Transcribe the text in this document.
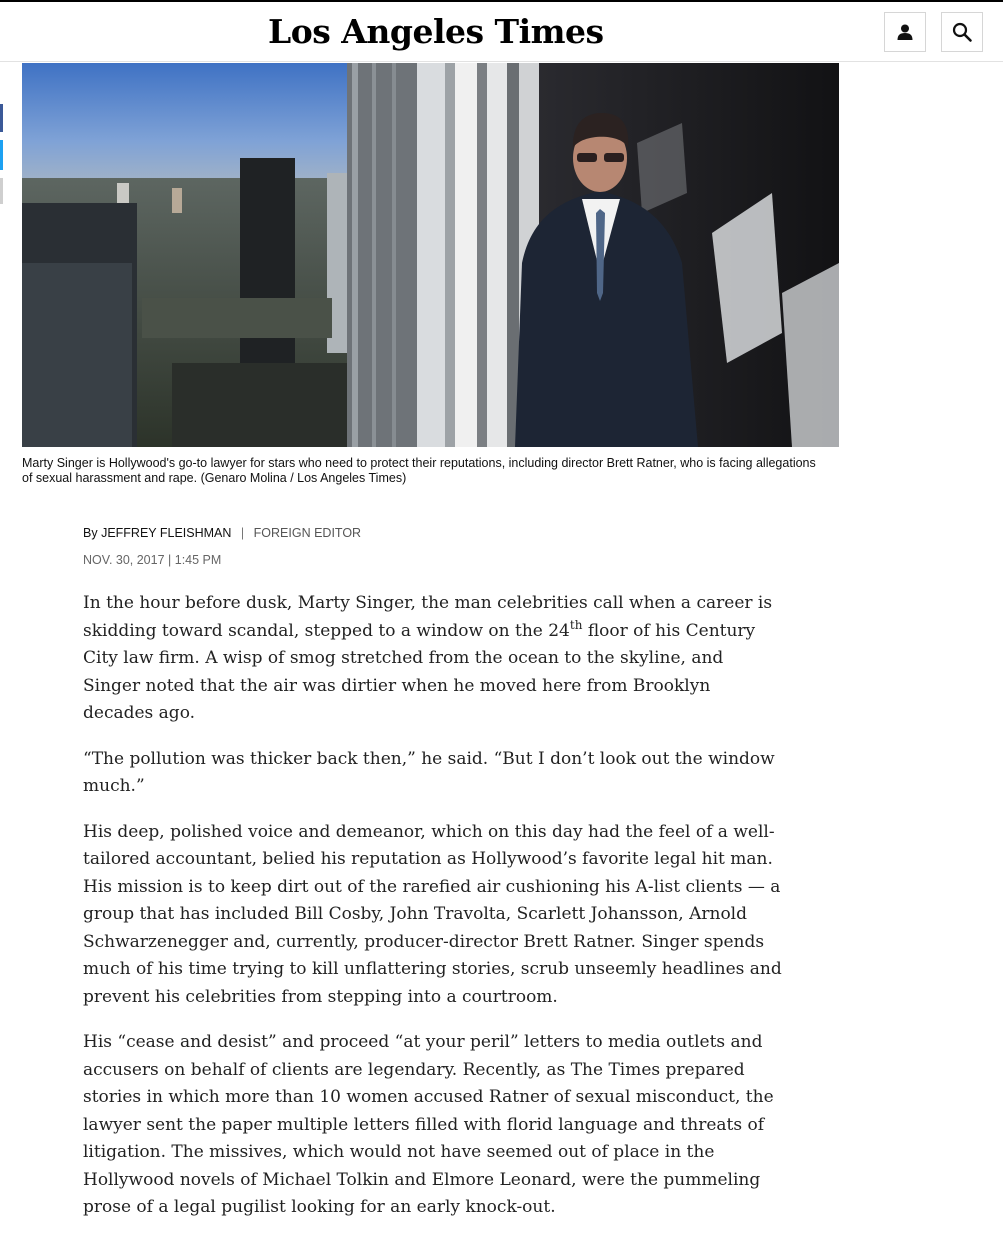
Los Angeles Times
Marty Singer is Hollywood's go-to lawyer for stars who need to protect their reputations, including director Brett Ratner, who is facing allegations of sexual harassment and rape. (Genaro Molina / Los Angeles Times)
By JEFFREY FLEISHMAN | FOREIGN EDITOR
NOV. 30, 2017 | 1:45 PM

In the hour before dusk, Marty Singer, the man celebrities call when a career is skidding toward scandal, stepped to a window on the 24th floor of his Century City law firm. A wisp of smog stretched from the ocean to the skyline, and Singer noted that the air was dirtier when he moved here from Brooklyn decades ago.

“The pollution was thicker back then,” he said. “But I don’t look out the window much.”

His deep, polished voice and demeanor, which on this day had the feel of a well-tailored accountant, belied his reputation as Hollywood’s favorite legal hit man. His mission is to keep dirt out of the rarefied air cushioning his A-list clients — a group that has included Bill Cosby, John Travolta, Scarlett Johansson, Arnold Schwarzenegger and, currently, producer-director Brett Ratner. Singer spends much of his time trying to kill unflattering stories, scrub unseemly headlines and prevent his celebrities from stepping into a courtroom.

His “cease and desist” and proceed “at your peril” letters to media outlets and accusers on behalf of clients are legendary. Recently, as The Times prepared stories in which more than 10 women accused Ratner of sexual misconduct, the lawyer sent the paper multiple letters filled with florid language and threats of litigation. The missives, which would not have seemed out of place in the Hollywood novels of Michael Tolkin and Elmore Leonard, were the pummeling prose of a legal pugilist looking for an early knock-out.
